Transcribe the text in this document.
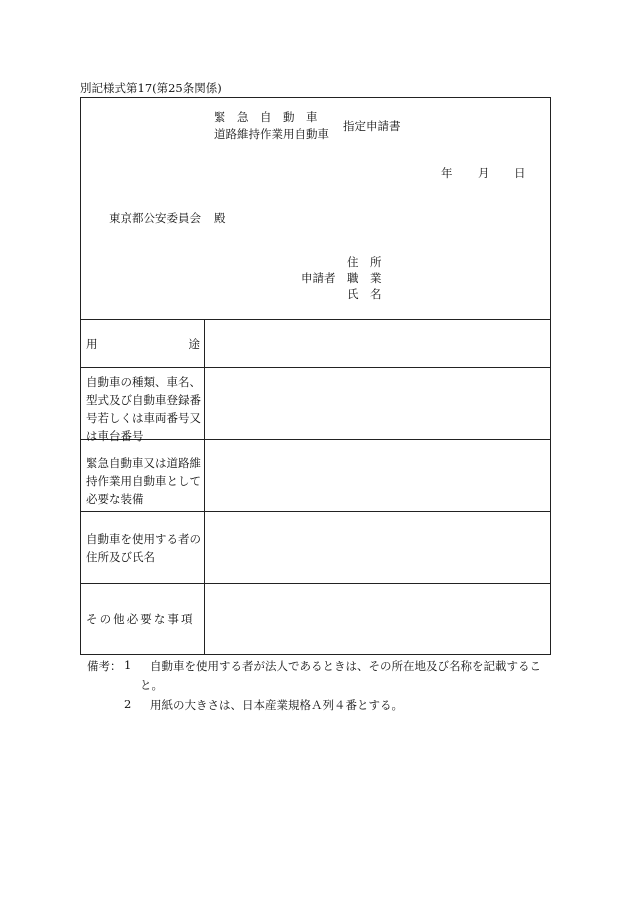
別記様式第17(第25条関係)
緊　急　自　動　車
道路維持作業用自動車
指定申請書
年 月 日
東京都公安委員会 殿
申請者
住　所
職　業
氏　名
用	途
自動車の種類、車名、型式及び自動車登録番号若しくは車両番号又は車台番号
緊急自動車又は道路維持作業用自動車として必要な装備
自動車を使用する者の住所及び氏名
その他必要な事項
備考： 1 自動車を使用する者が法人であるときは、その所在地及び名称を記載するこ
と。
2 用紙の大きさは、日本産業規格Ａ列４番とする。
